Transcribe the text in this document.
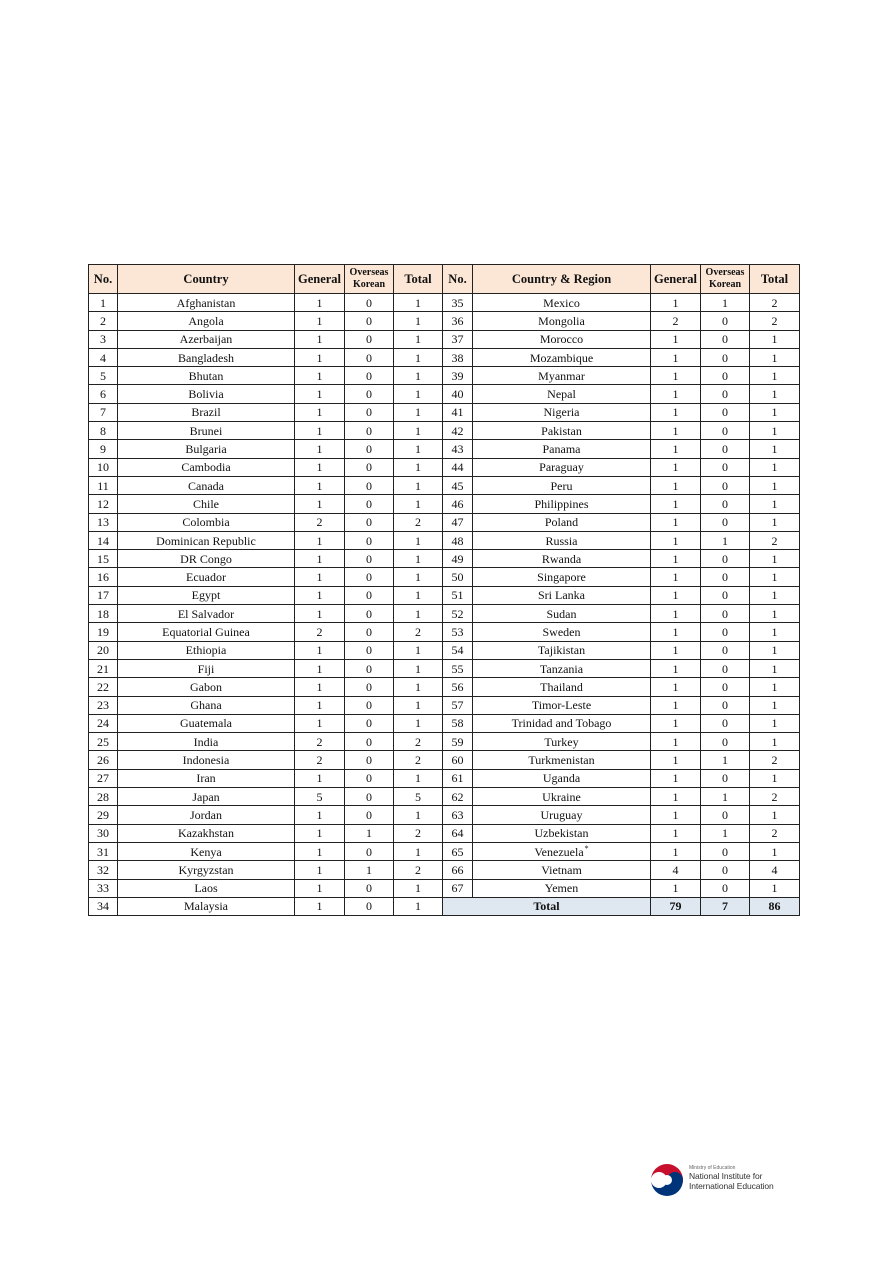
No.	Country	General	Overseas Korean	Total	No.	Country & Region	General	Overseas Korean	Total
1	Afghanistan	1	0	1	35	Mexico	1	1	2
2	Angola	1	0	1	36	Mongolia	2	0	2
3	Azerbaijan	1	0	1	37	Morocco	1	0	1
4	Bangladesh	1	0	1	38	Mozambique	1	0	1
5	Bhutan	1	0	1	39	Myanmar	1	0	1
6	Bolivia	1	0	1	40	Nepal	1	0	1
7	Brazil	1	0	1	41	Nigeria	1	0	1
8	Brunei	1	0	1	42	Pakistan	1	0	1
9	Bulgaria	1	0	1	43	Panama	1	0	1
10	Cambodia	1	0	1	44	Paraguay	1	0	1
11	Canada	1	0	1	45	Peru	1	0	1
12	Chile	1	0	1	46	Philippines	1	0	1
13	Colombia	2	0	2	47	Poland	1	0	1
14	Dominican Republic	1	0	1	48	Russia	1	1	2
15	DR Congo	1	0	1	49	Rwanda	1	0	1
16	Ecuador	1	0	1	50	Singapore	1	0	1
17	Egypt	1	0	1	51	Sri Lanka	1	0	1
18	El Salvador	1	0	1	52	Sudan	1	0	1
19	Equatorial Guinea	2	0	2	53	Sweden	1	0	1
20	Ethiopia	1	0	1	54	Tajikistan	1	0	1
21	Fiji	1	0	1	55	Tanzania	1	0	1
22	Gabon	1	0	1	56	Thailand	1	0	1
23	Ghana	1	0	1	57	Timor-Leste	1	0	1
24	Guatemala	1	0	1	58	Trinidad and Tobago	1	0	1
25	India	2	0	2	59	Turkey	1	0	1
26	Indonesia	2	0	2	60	Turkmenistan	1	1	2
27	Iran	1	0	1	61	Uganda	1	0	1
28	Japan	5	0	5	62	Ukraine	1	1	2
29	Jordan	1	0	1	63	Uruguay	1	0	1
30	Kazakhstan	1	1	2	64	Uzbekistan	1	1	2
31	Kenya	1	0	1	65	Venezuela*	1	0	1
32	Kyrgyzstan	1	1	2	66	Vietnam	4	0	4
33	Laos	1	0	1	67	Yemen	1	0	1
34	Malaysia	1	0	1	Total		79	7	86
Ministry of Education
National Institute for
International Education
